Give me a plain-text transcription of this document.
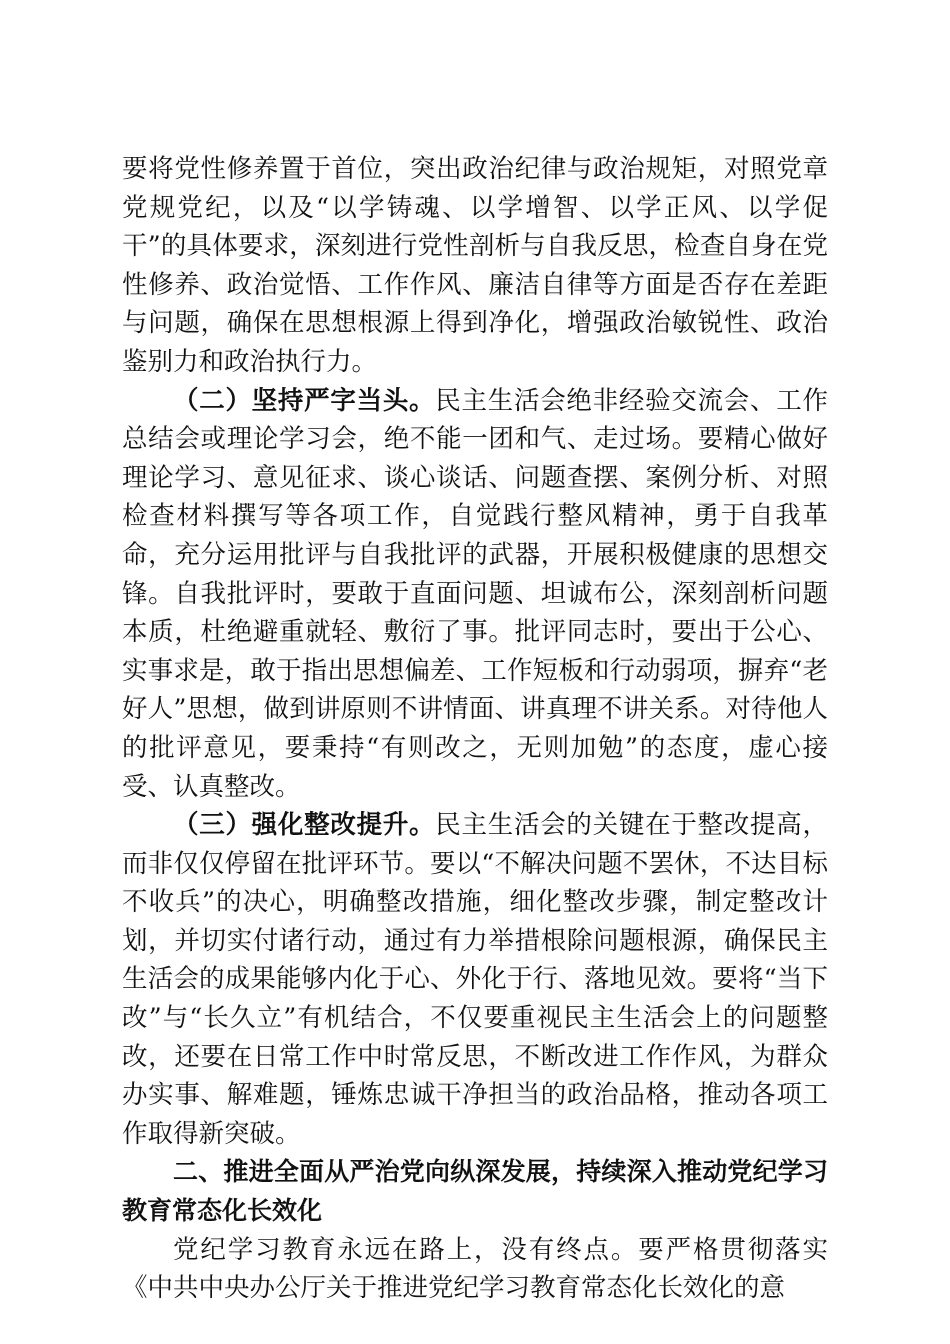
要将党性修养置于首位，突出政治纪律与政治规矩，对照党章党规党纪，以及“以学铸魂、以学增智、以学正风、以学促干”的具体要求，深刻进行党性剖析与自我反思，检查自身在党性修养、政治觉悟、工作作风、廉洁自律等方面是否存在差距与问题，确保在思想根源上得到净化，增强政治敏锐性、政治鉴别力和政治执行力。

（二）坚持严字当头。民主生活会绝非经验交流会、工作总结会或理论学习会，绝不能一团和气、走过场。要精心做好理论学习、意见征求、谈心谈话、问题查摆、案例分析、对照检查材料撰写等各项工作，自觉践行整风精神，勇于自我革命，充分运用批评与自我批评的武器，开展积极健康的思想交锋。自我批评时，要敢于直面问题、坦诚布公，深刻剖析问题本质，杜绝避重就轻、敷衍了事。批评同志时，要出于公心、实事求是，敢于指出思想偏差、工作短板和行动弱项，摒弃“老好人”思想，做到讲原则不讲情面、讲真理不讲关系。对待他人的批评意见，要秉持“有则改之，无则加勉”的态度，虚心接受、认真整改。

（三）强化整改提升。民主生活会的关键在于整改提高，而非仅仅停留在批评环节。要以“不解决问题不罢休，不达目标不收兵”的决心，明确整改措施，细化整改步骤，制定整改计划，并切实付诸行动，通过有力举措根除问题根源，确保民主生活会的成果能够内化于心、外化于行、落地见效。要将“当下改”与“长久立”有机结合，不仅要重视民主生活会上的问题整改，还要在日常工作中时常反思，不断改进工作作风，为群众办实事、解难题，锤炼忠诚干净担当的政治品格，推动各项工作取得新突破。

二、推进全面从严治党向纵深发展，持续深入推动党纪学习教育常态化长效化

党纪学习教育永远在路上，没有终点。要严格贯彻落实《中共中央办公厅关于推进党纪学习教育常态化长效化的意
